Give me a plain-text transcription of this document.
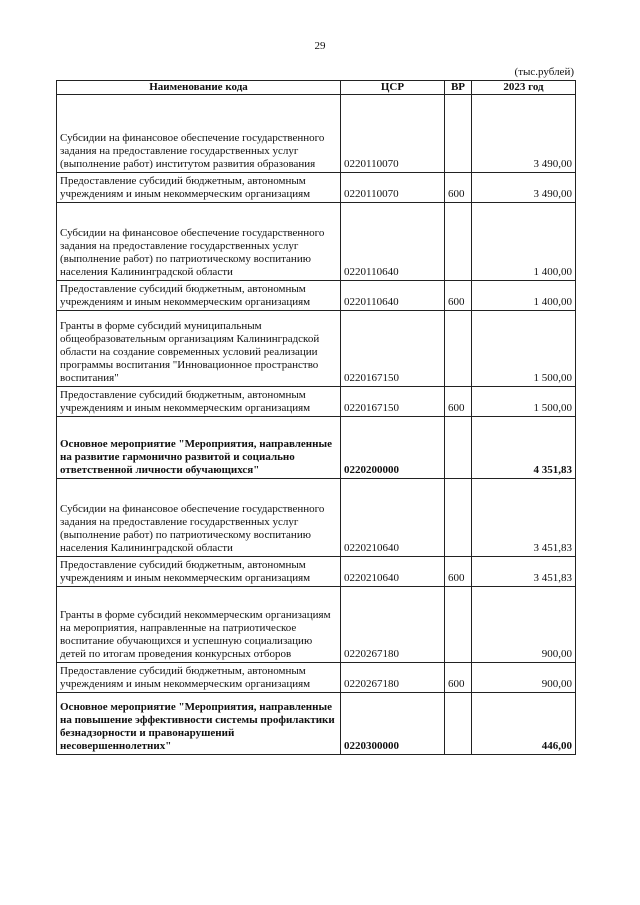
29
(тыс.рублей)
Наименование кода	ЦСР	ВР	2023 год
Субсидии на финансовое обеспечение государственного задания на предоставление государственных услуг (выполнение работ) институтом развития образования	0220110070		3 490,00
Предоставление субсидий бюджетным, автономным учреждениям и иным некоммерческим организациям	0220110070	600	3 490,00
Субсидии на финансовое обеспечение государственного задания на предоставление государственных услуг (выполнение работ) по патриотическому воспитанию населения Калининградской области	0220110640		1 400,00
Предоставление субсидий бюджетным, автономным учреждениям и иным некоммерческим организациям	0220110640	600	1 400,00
Гранты в форме субсидий муниципальным общеобразовательным организациям Калининградской области на создание современных условий реализации программы воспитания "Инновационное пространство воспитания"	0220167150		1 500,00
Предоставление субсидий бюджетным, автономным учреждениям и иным некоммерческим организациям	0220167150	600	1 500,00
Основное мероприятие "Мероприятия, направленные на развитие гармонично развитой и социально ответственной личности обучающихся"	0220200000		4 351,83
Субсидии на финансовое обеспечение государственного задания на предоставление государственных услуг (выполнение работ) по патриотическому воспитанию населения Калининградской области	0220210640		3 451,83
Предоставление субсидий бюджетным, автономным учреждениям и иным некоммерческим организациям	0220210640	600	3 451,83
Гранты в форме субсидий некоммерческим организациям на мероприятия, направленные на патриотическое воспитание обучающихся и успешную социализацию детей по итогам проведения конкурсных отборов	0220267180		900,00
Предоставление субсидий бюджетным, автономным учреждениям и иным некоммерческим организациям	0220267180	600	900,00
Основное мероприятие "Мероприятия, направленные на повышение эффективности системы профилактики безнадзорности и правонарушений несовершеннолетних"	0220300000		446,00
